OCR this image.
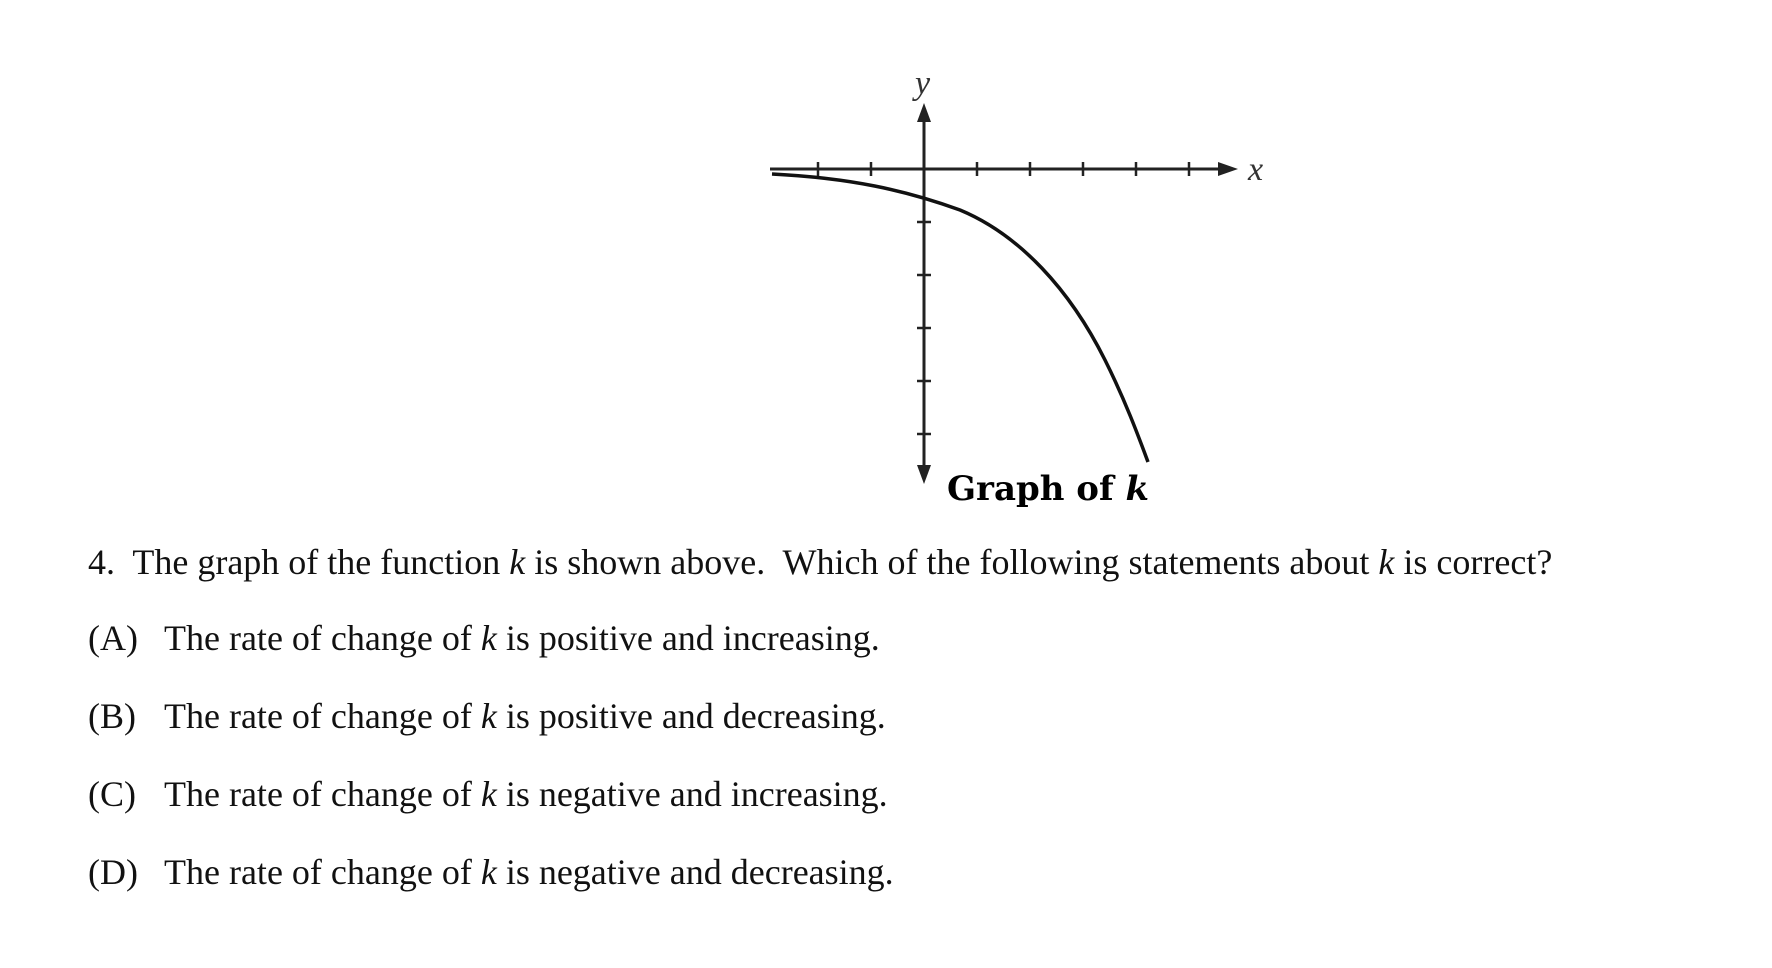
y
x
Graph of k
4. The graph of the function k is shown above.  Which of the following statements about k is correct?
(A) The rate of change of k is positive and increasing.
(B) The rate of change of k is positive and decreasing.
(C) The rate of change of k is negative and increasing.
(D) The rate of change of k is negative and decreasing.
